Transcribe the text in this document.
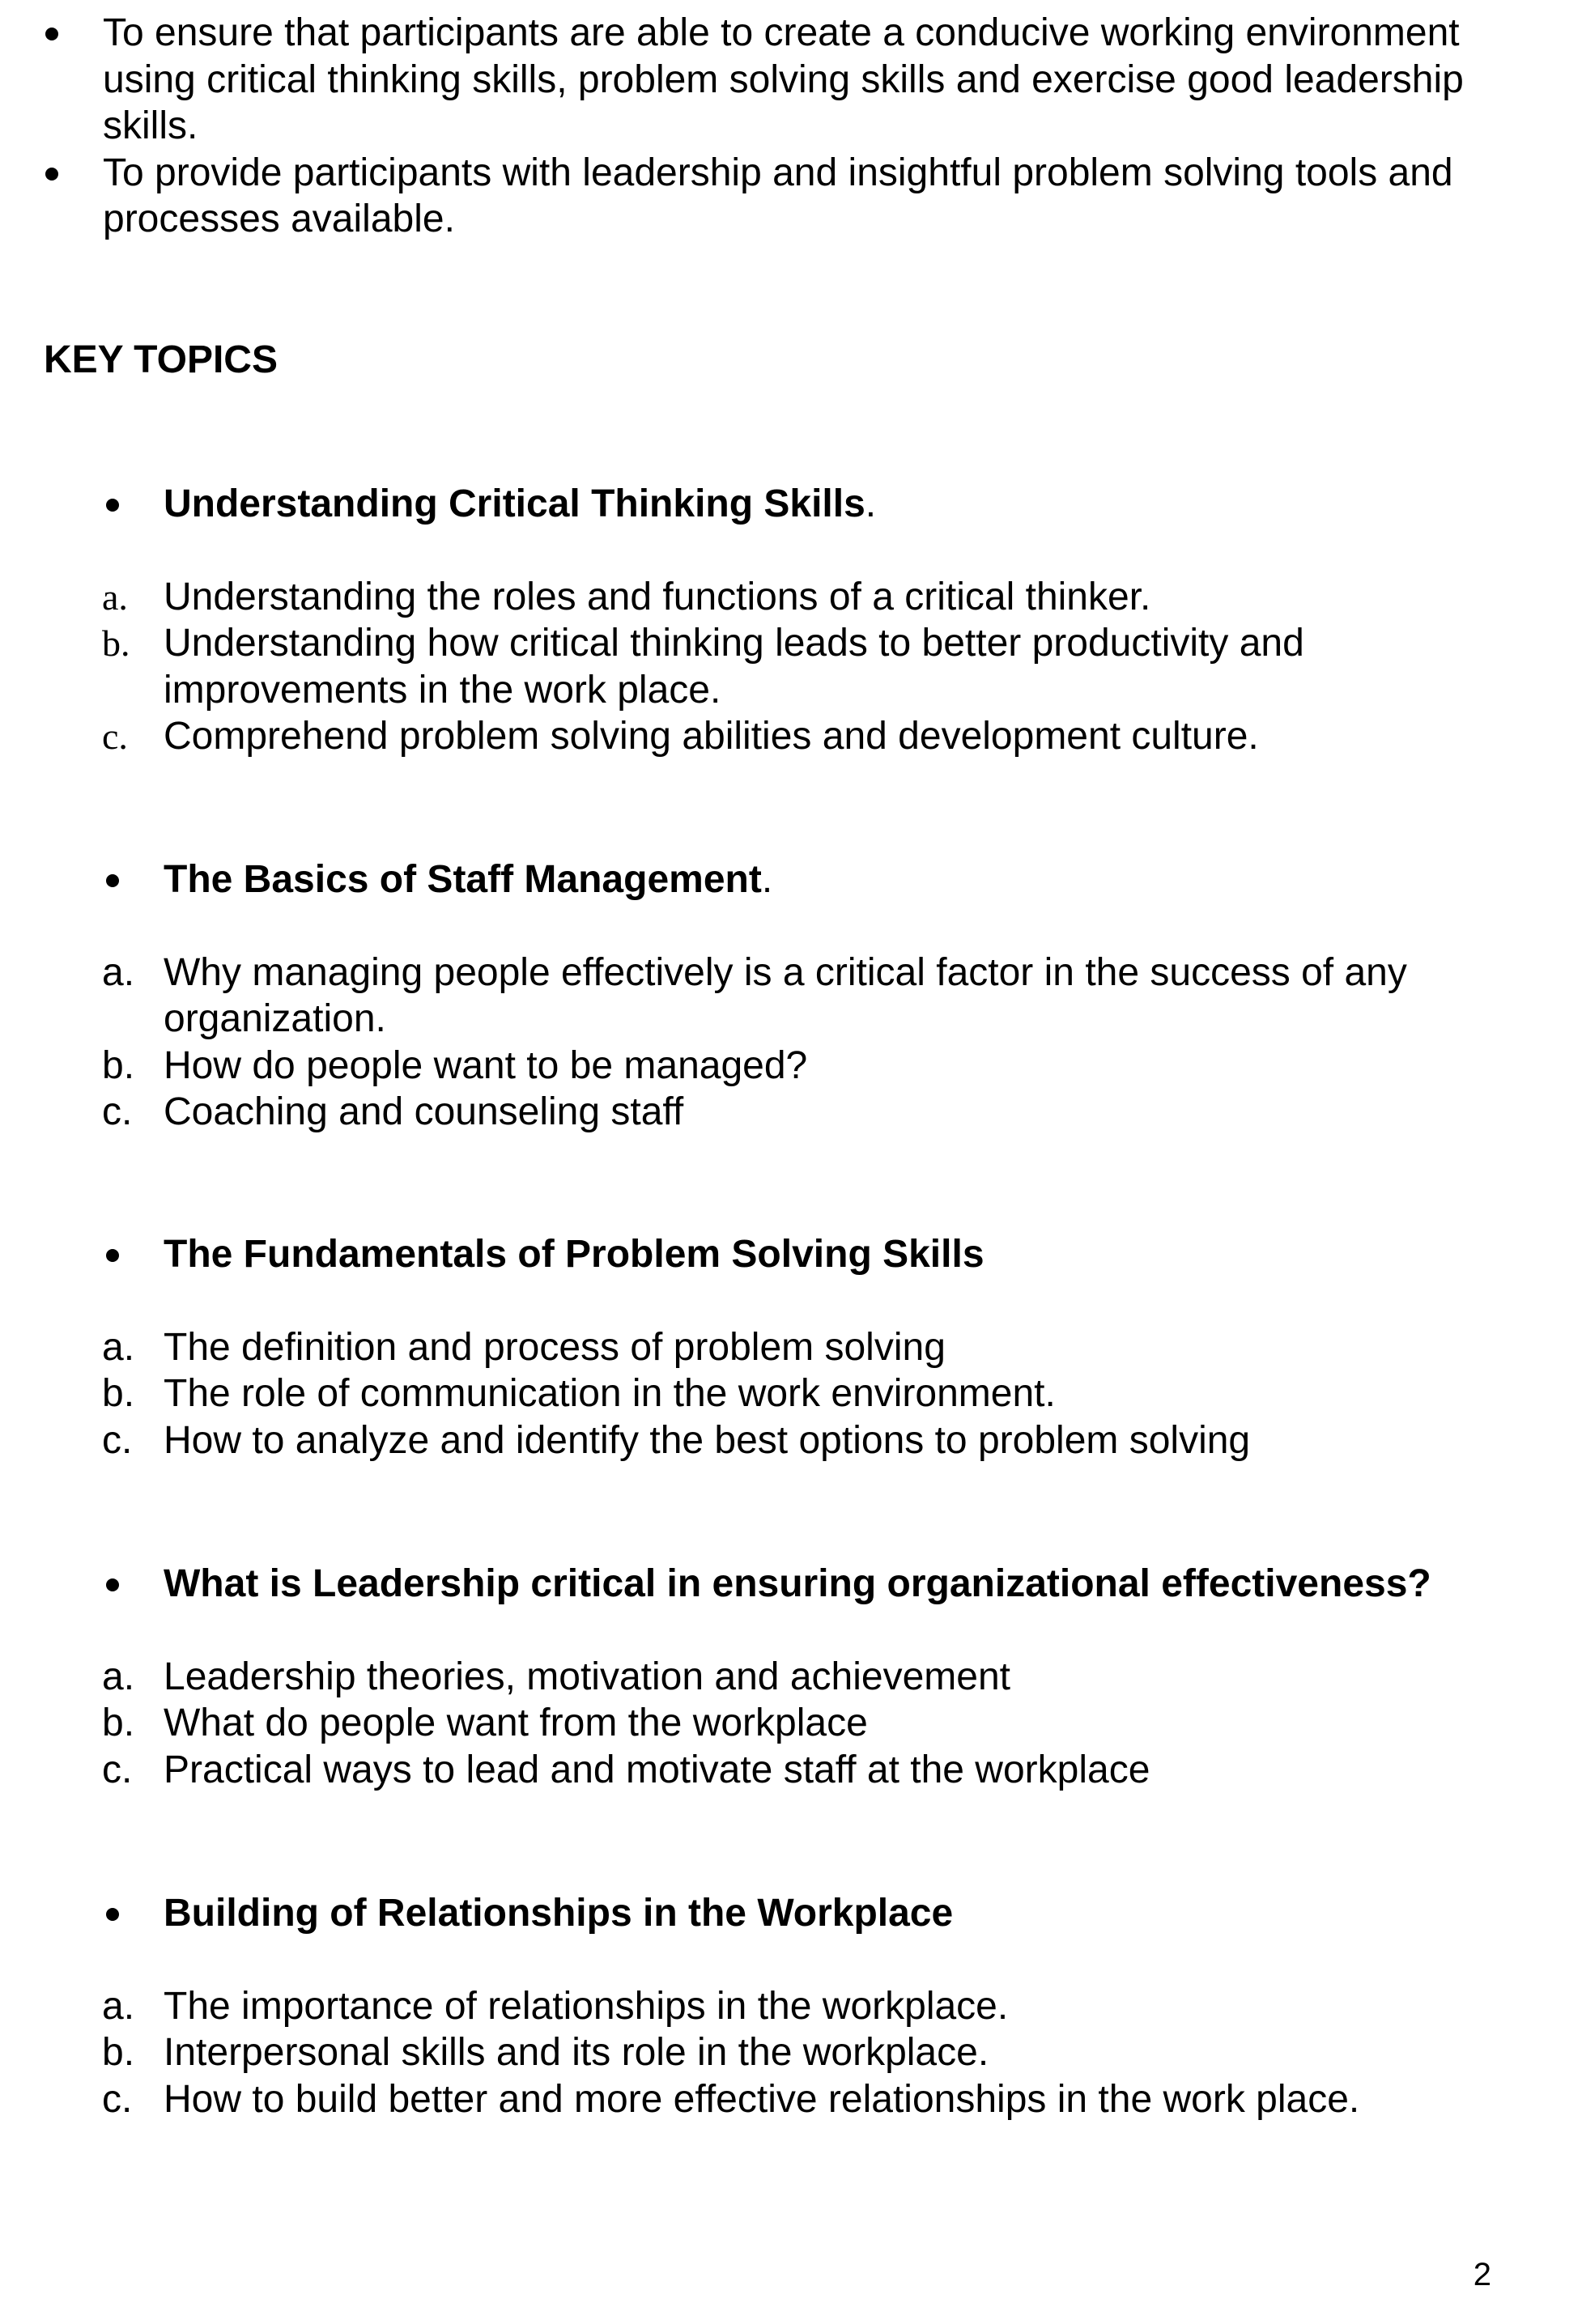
To ensure that participants are able to create a conducive working environment using critical thinking skills, problem solving skills and exercise good leadership skills.
To provide participants with leadership and insightful problem solving tools and processes available.
KEY TOPICS

Understanding Critical Thinking Skills.

a. Understanding the roles and functions of a critical thinker.
b. Understanding how critical thinking leads to better productivity and improvements in the work place.
c. Comprehend problem solving abilities and development culture.

The Basics of Staff Management.

a. Why managing people effectively is a critical factor in the success of any organization.
b. How do people want to be managed?
c. Coaching and counseling staff

The Fundamentals of Problem Solving Skills

a. The definition and process of problem solving
b. The role of communication in the work environment.
c. How to analyze and identify the best options to problem solving

What is Leadership critical in ensuring organizational effectiveness?

a. Leadership theories, motivation and achievement
b. What do people want from the workplace
c. Practical ways to lead and motivate staff at the workplace

Building of Relationships in the Workplace

a. The importance of relationships in the workplace.
b. Interpersonal skills and its role in the workplace.
c. How to build better and more effective relationships in the work place.
2
